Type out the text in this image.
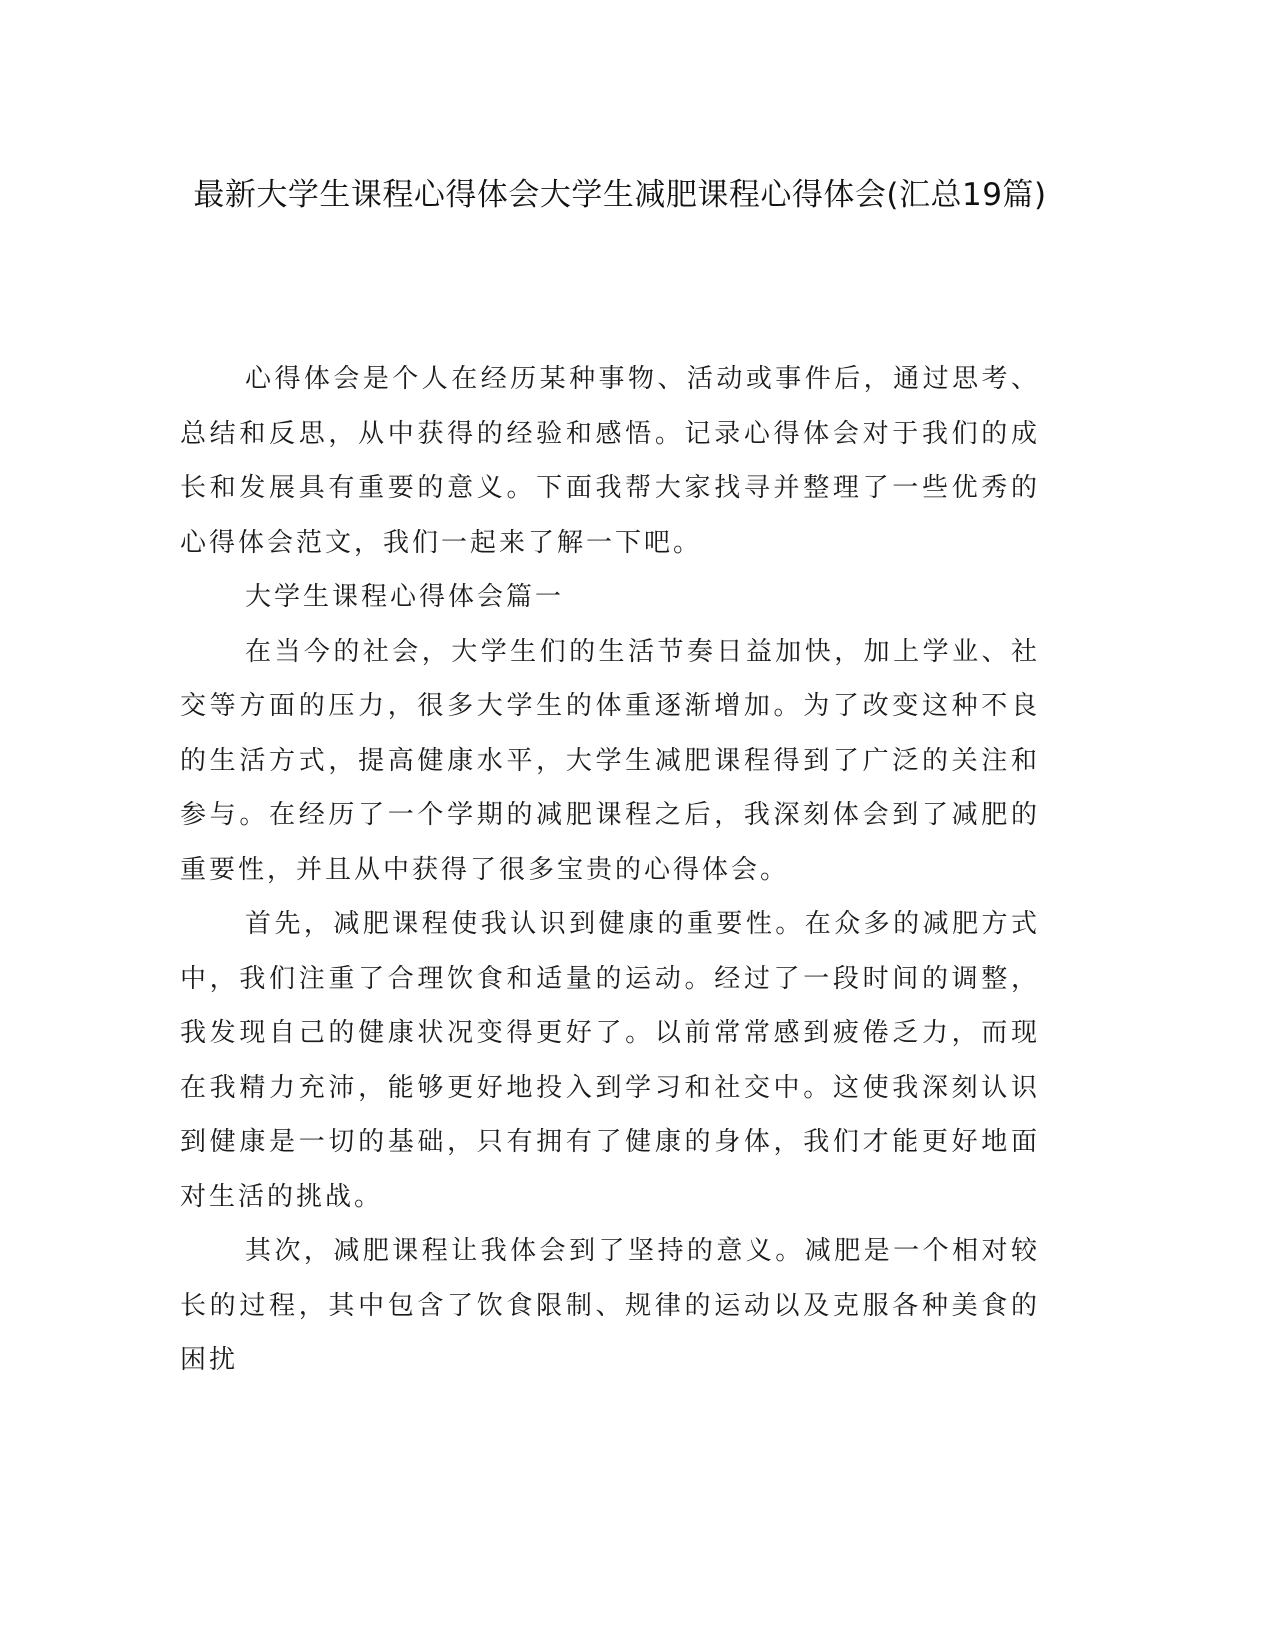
最新大学生课程心得体会大学生减肥课程心得体会(汇总19篇)

心得体会是个人在经历某种事物、活动或事件后，通过思考、总结和反思，从中获得的经验和感悟。记录心得体会对于我们的成长和发展具有重要的意义。下面我帮大家找寻并整理了一些优秀的心得体会范文，我们一起来了解一下吧。

大学生课程心得体会篇一

在当今的社会，大学生们的生活节奏日益加快，加上学业、社交等方面的压力，很多大学生的体重逐渐增加。为了改变这种不良的生活方式，提高健康水平，大学生减肥课程得到了广泛的关注和参与。在经历了一个学期的减肥课程之后，我深刻体会到了减肥的重要性，并且从中获得了很多宝贵的心得体会。

首先，减肥课程使我认识到健康的重要性。在众多的减肥方式中，我们注重了合理饮食和适量的运动。经过了一段时间的调整，我发现自己的健康状况变得更好了。以前常常感到疲倦乏力，而现在我精力充沛，能够更好地投入到学习和社交中。这使我深刻认识到健康是一切的基础，只有拥有了健康的身体，我们才能更好地面对生活的挑战。

其次，减肥课程让我体会到了坚持的意义。减肥是一个相对较长的过程，其中包含了饮食限制、规律的运动以及克服各种美食的困扰
